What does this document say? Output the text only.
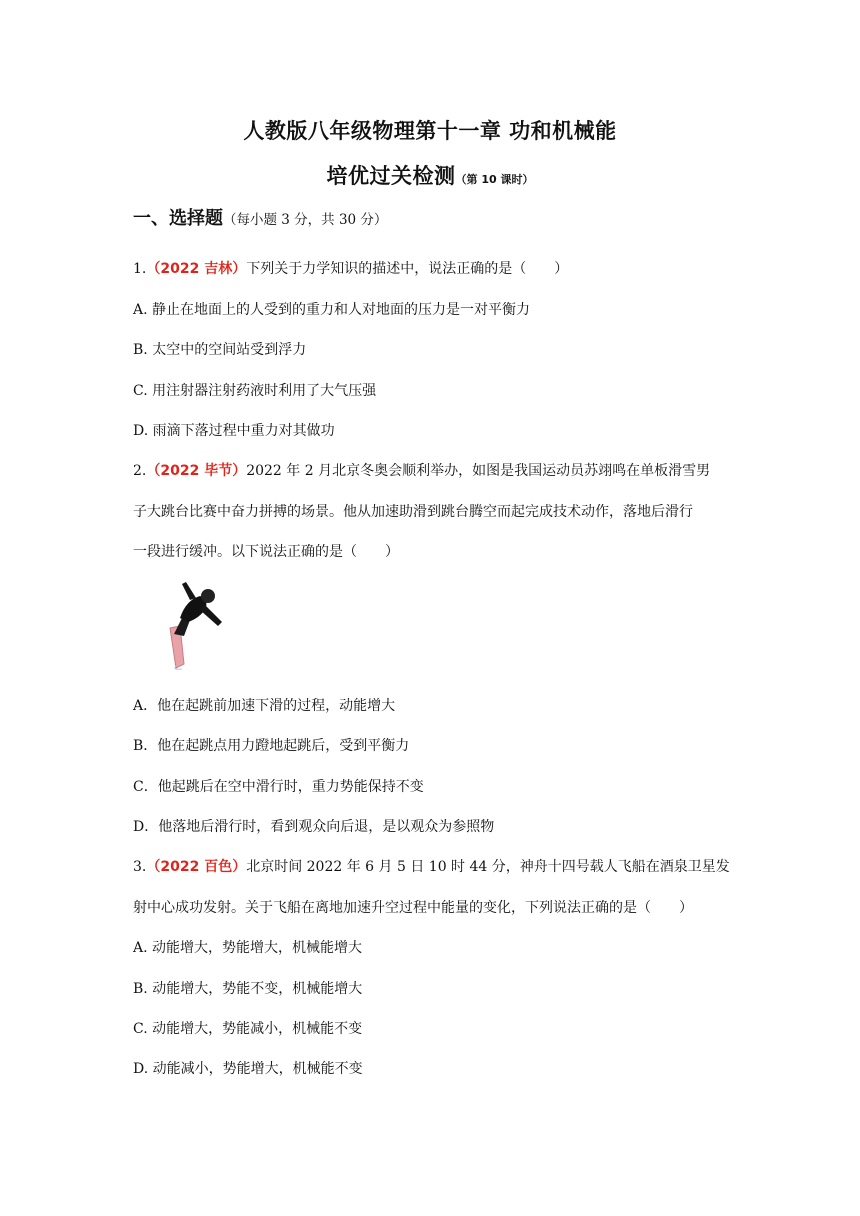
人教版八年级物理第十一章 功和机械能
培优过关检测（第 10 课时）
一、选择题（每小题 3 分，共 30 分）
1.（2022 吉林）下列关于力学知识的描述中，说法正确的是（　　）
A. 静止在地面上的人受到的重力和人对地面的压力是一对平衡力
B. 太空中的空间站受到浮力
C. 用注射器注射药液时利用了大气压强
D. 雨滴下落过程中重力对其做功
2.（2022 毕节）2022 年 2 月北京冬奥会顺利举办，如图是我国运动员苏翊鸣在单板滑雪男
子大跳台比赛中奋力拼搏的场景。他从加速助滑到跳台腾空而起完成技术动作，落地后滑行
一段进行缓冲。以下说法正确的是（　　）
A．他在起跳前加速下滑的过程，动能增大
B．他在起跳点用力蹬地起跳后，受到平衡力
C．他起跳后在空中滑行时，重力势能保持不变
D．他落地后滑行时，看到观众向后退，是以观众为参照物
3.（2022 百色）北京时间 2022 年 6 月 5 日 10 时 44 分，神舟十四号载人飞船在酒泉卫星发
射中心成功发射。关于飞船在离地加速升空过程中能量的变化，下列说法正确的是（　　）
A. 动能增大，势能增大，机械能增大
B. 动能增大，势能不变，机械能增大
C. 动能增大，势能减小，机械能不变
D. 动能减小，势能增大，机械能不变
